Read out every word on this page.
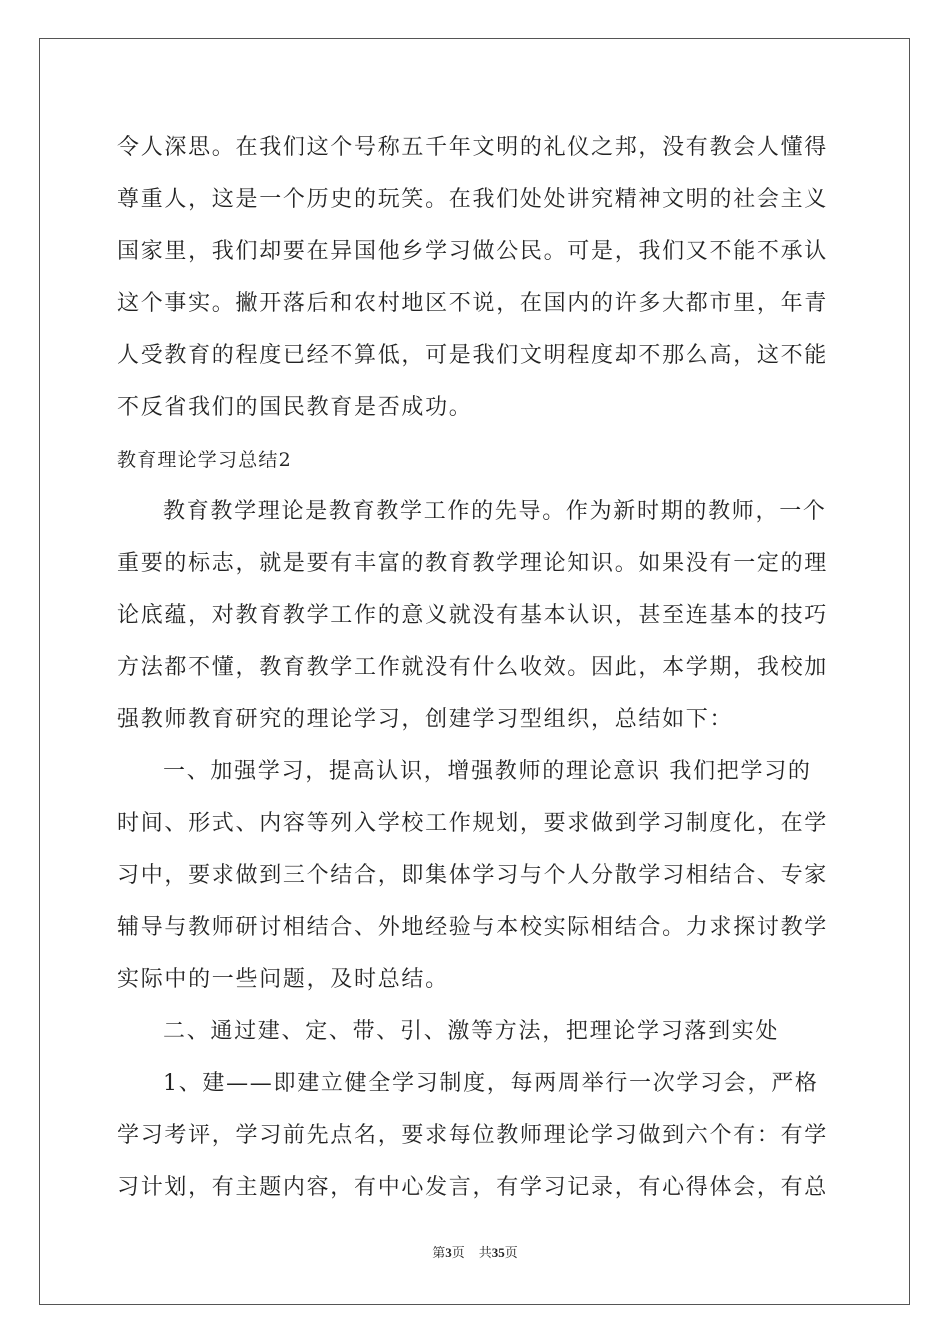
令人深思。在我们这个号称五千年文明的礼仪之邦，没有教会人懂得
尊重人，这是一个历史的玩笑。在我们处处讲究精神文明的社会主义
国家里，我们却要在异国他乡学习做公民。可是，我们又不能不承认
这个事实。撇开落后和农村地区不说，在国内的许多大都市里，年青
人受教育的程度已经不算低，可是我们文明程度却不那么高，这不能
不反省我们的国民教育是否成功。
教育理论学习总结2
教育教学理论是教育教学工作的先导。作为新时期的教师，一个
重要的标志，就是要有丰富的教育教学理论知识。如果没有一定的理
论底蕴，对教育教学工作的意义就没有基本认识，甚至连基本的技巧
方法都不懂，教育教学工作就没有什么收效。因此，本学期，我校加
强教师教育研究的理论学习，创建学习型组织，总结如下：
一、加强学习，提高认识，增强教师的理论意识 我们把学习的
时间、形式、内容等列入学校工作规划，要求做到学习制度化，在学
习中，要求做到三个结合，即集体学习与个人分散学习相结合、专家
辅导与教师研讨相结合、外地经验与本校实际相结合。力求探讨教学
实际中的一些问题，及时总结。
二、通过建、定、带、引、激等方法，把理论学习落到实处
1、建——即建立健全学习制度，每两周举行一次学习会，严格
学习考评，学习前先点名，要求每位教师理论学习做到六个有：有学
习计划，有主题内容，有中心发言，有学习记录，有心得体会，有总
第3页 共35页
